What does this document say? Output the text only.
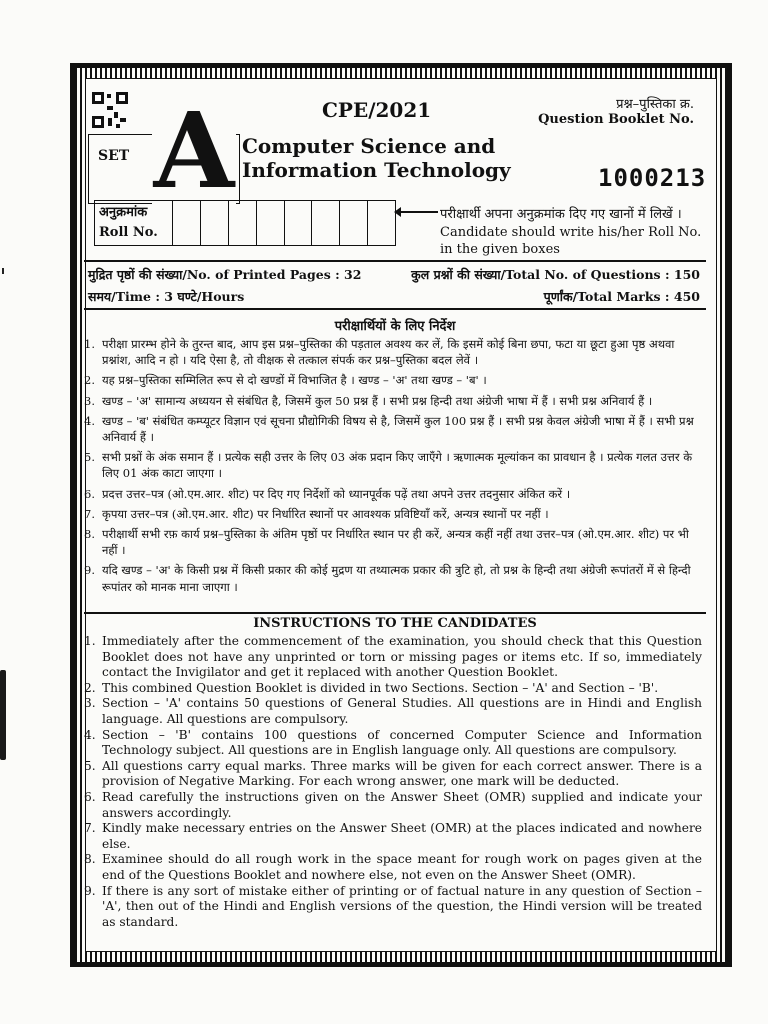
SET A	CPE/2021
Computer Science and
Information Technology
प्रश्न–पुस्तिका क्र.
Question Booklet No.
1000213
अनुक्रमांक
Roll No.
परीक्षार्थी अपना अनुक्रमांक दिए गए खानों में लिखें ।
Candidate should write his/her Roll No. in the given boxes
मुद्रित पृष्ठों की संख्या/No. of Printed Pages : 32	कुल प्रश्नों की संख्या/Total No. of Questions : 150
समय/Time : 3 घण्टे/Hours	पूर्णांक/Total Marks : 450
परीक्षार्थियों के लिए निर्देश
1. परीक्षा प्रारम्भ होने के तुरन्त बाद, आप इस प्रश्न–पुस्तिका की पड़ताल अवश्य कर लें, कि इसमें कोई बिना छपा, फटा या छूटा हुआ पृष्ठ अथवा प्रश्नांश, आदि न हो । यदि ऐसा है, तो वीक्षक से तत्काल संपर्क कर प्रश्न–पुस्तिका बदल लेवें ।
2. यह प्रश्न–पुस्तिका सम्मिलित रूप से दो खण्डों में विभाजित है । खण्ड – 'अ' तथा खण्ड – 'ब' ।
3. खण्ड – 'अ' सामान्य अध्ययन से संबंधित है, जिसमें कुल 50 प्रश्न हैं । सभी प्रश्न हिन्दी तथा अंग्रेजी भाषा में हैं । सभी प्रश्न अनिवार्य हैं ।
4. खण्ड – 'ब' संबंधित कम्प्यूटर विज्ञान एवं सूचना प्रौद्योगिकी विषय से है, जिसमें कुल 100 प्रश्न हैं । सभी प्रश्न केवल अंग्रेजी भाषा में हैं । सभी प्रश्न अनिवार्य हैं ।
5. सभी प्रश्नों के अंक समान हैं । प्रत्येक सही उत्तर के लिए 03 अंक प्रदान किए जाएँगे । ऋणात्मक मूल्यांकन का प्रावधान है । प्रत्येक गलत उत्तर के लिए 01 अंक काटा जाएगा ।
6. प्रदत्त उत्तर–पत्र (ओ.एम.आर. शीट) पर दिए गए निर्देशों को ध्यानपूर्वक पढ़ें तथा अपने उत्तर तदनुसार अंकित करें ।
7. कृपया उत्तर–पत्र (ओ.एम.आर. शीट) पर निर्धारित स्थानों पर आवश्यक प्रविष्टियाँ करें, अन्यत्र स्थानों पर नहीं ।
8. परीक्षार्थी सभी रफ़ कार्य प्रश्न–पुस्तिका के अंतिम पृष्ठों पर निर्धारित स्थान पर ही करें, अन्यत्र कहीं नहीं तथा उत्तर–पत्र (ओ.एम.आर. शीट) पर भी नहीं ।
9. यदि खण्ड – 'अ' के किसी प्रश्न में किसी प्रकार की कोई मुद्रण या तथ्यात्मक प्रकार की त्रुटि हो, तो प्रश्न के हिन्दी तथा अंग्रेजी रूपांतरों में से हिन्दी रूपांतर को मानक माना जाएगा ।
INSTRUCTIONS TO THE CANDIDATES
1. Immediately after the commencement of the examination, you should check that this Question Booklet does not have any unprinted or torn or missing pages or items etc. If so, immediately contact the Invigilator and get it replaced with another Question Booklet.
2. This combined Question Booklet is divided in two Sections. Section – 'A' and Section – 'B'.
3. Section – 'A' contains 50 questions of General Studies. All questions are in Hindi and English language. All questions are compulsory.
4. Section – 'B' contains 100 questions of concerned Computer Science and Information Technology subject. All questions are in English language only. All questions are compulsory.
5. All questions carry equal marks. Three marks will be given for each correct answer. There is a provision of Negative Marking. For each wrong answer, one mark will be deducted.
6. Read carefully the instructions given on the Answer Sheet (OMR) supplied and indicate your answers accordingly.
7. Kindly make necessary entries on the Answer Sheet (OMR) at the places indicated and nowhere else.
8. Examinee should do all rough work in the space meant for rough work on pages given at the end of the Questions Booklet and nowhere else, not even on the Answer Sheet (OMR).
9. If there is any sort of mistake either of printing or of factual nature in any question of Section – 'A', then out of the Hindi and English versions of the question, the Hindi version will be treated as standard.
